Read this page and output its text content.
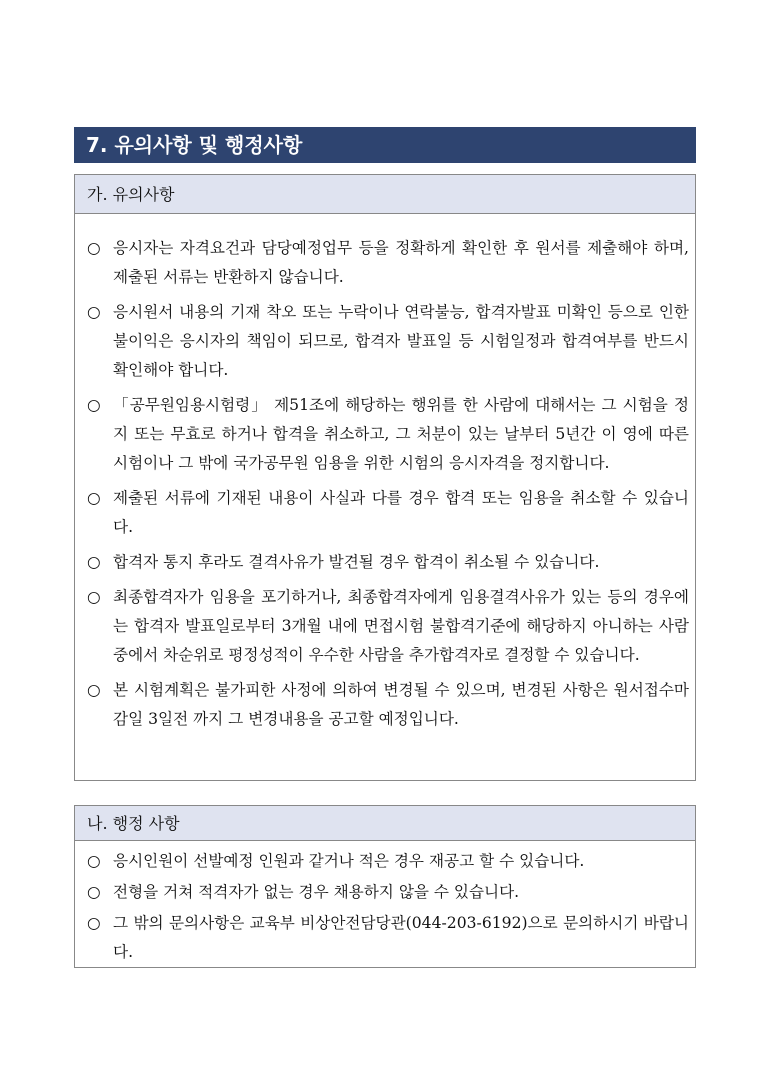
7. 유의사항 및 행정사항
가. 유의사항
○ 응시자는 자격요건과 담당예정업무 등을 정확하게 확인한 후 원서를 제출해야 하며, 제출된 서류는 반환하지 않습니다.
○ 응시원서 내용의 기재 착오 또는 누락이나 연락불능, 합격자발표 미확인 등으로 인한 불이익은 응시자의 책임이 되므로, 합격자 발표일 등 시험일정과 합격여부를 반드시 확인해야 합니다.
○ 「공무원임용시험령」 제51조에 해당하는 행위를 한 사람에 대해서는 그 시험을 정지 또는 무효로 하거나 합격을 취소하고, 그 처분이 있는 날부터 5년간 이 영에 따른 시험이나 그 밖에 국가공무원 임용을 위한 시험의 응시자격을 정지합니다.
○ 제출된 서류에 기재된 내용이 사실과 다를 경우 합격 또는 임용을 취소할 수 있습니다.
○ 합격자 통지 후라도 결격사유가 발견될 경우 합격이 취소될 수 있습니다.
○ 최종합격자가 임용을 포기하거나, 최종합격자에게 임용결격사유가 있는 등의 경우에는 합격자 발표일로부터 3개월 내에 면접시험 불합격기준에 해당하지 아니하는 사람 중에서 차순위로 평정성적이 우수한 사람을 추가합격자로 결정할 수 있습니다.
○ 본 시험계획은 불가피한 사정에 의하여 변경될 수 있으며, 변경된 사항은 원서접수마감일 3일전 까지 그 변경내용을 공고할 예정입니다.
나. 행정 사항
○ 응시인원이 선발예정 인원과 같거나 적은 경우 재공고 할 수 있습니다.
○ 전형을 거쳐 적격자가 없는 경우 채용하지 않을 수 있습니다.
○ 그 밖의 문의사항은 교육부 비상안전담당관(044-203-6192)으로 문의하시기 바랍니다.
